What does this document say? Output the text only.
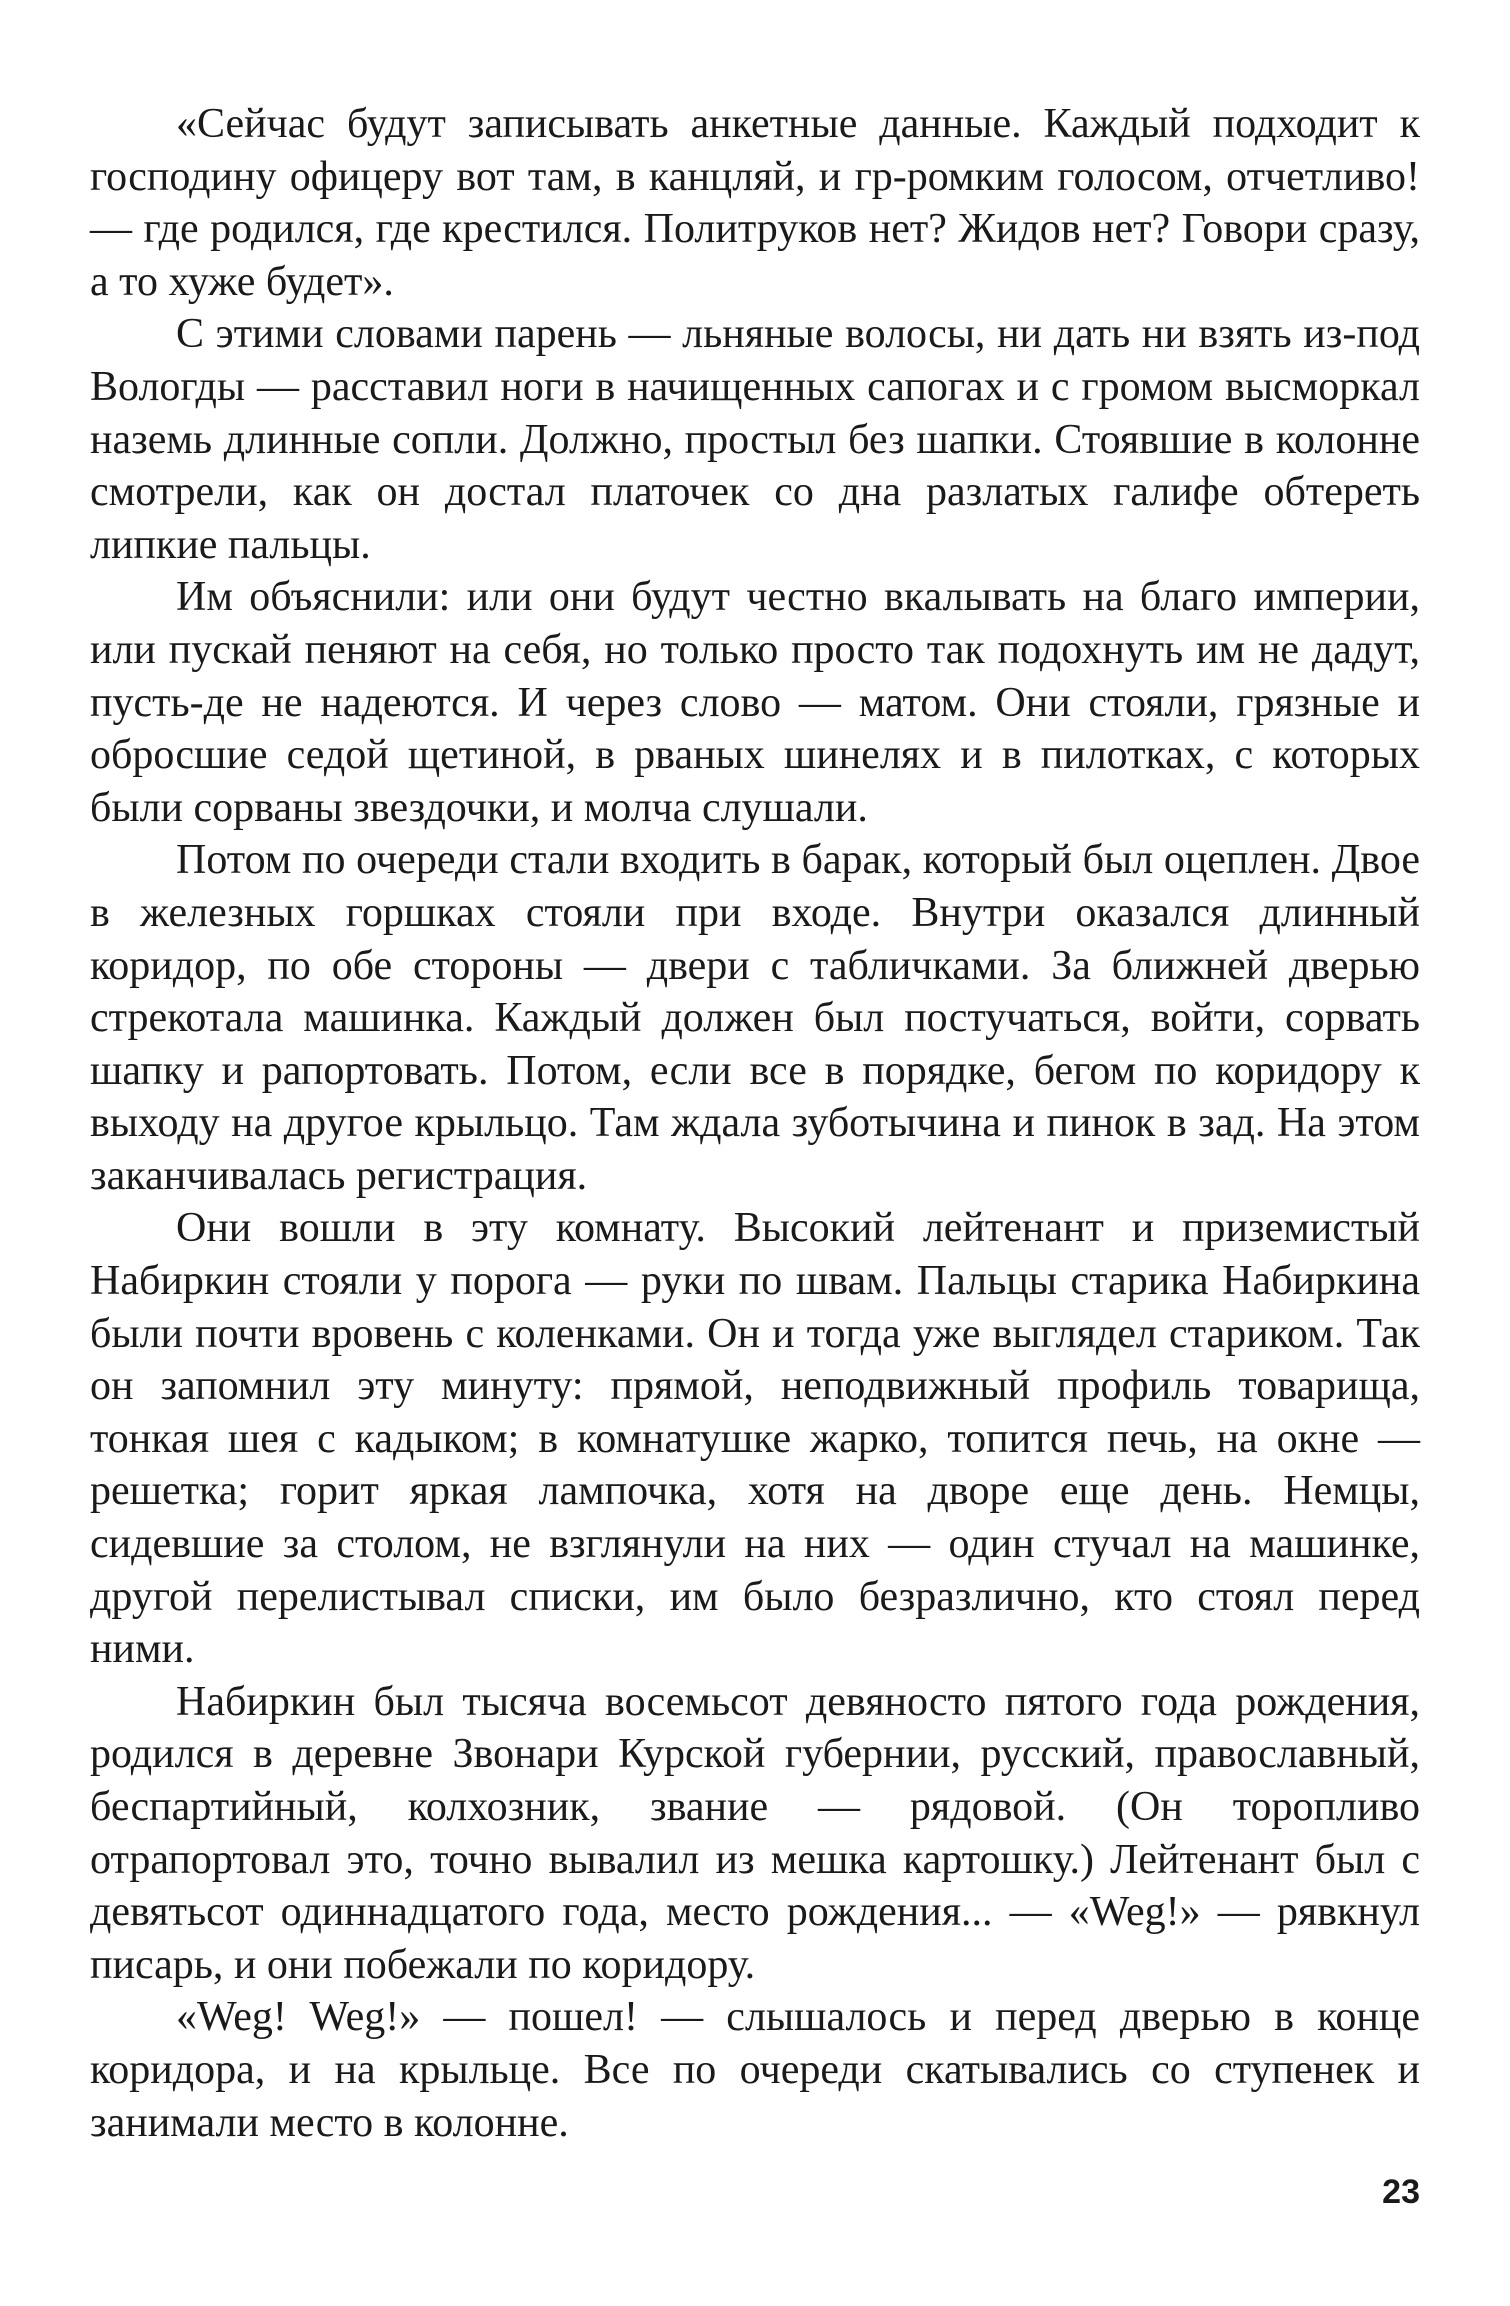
«Сейчас будут записывать анкетные данные. Каждый подходит к господину офицеру вот там, в канцляй, и гр-ромким голосом, отчетливо! — где родился, где крестился. Политруков нет? Жидов нет? Говори сразу, а то хуже будет».

С этими словами парень — льняные волосы, ни дать ни взять из-под Вологды — расставил ноги в начищенных сапогах и с громом высморкал наземь длинные сопли. Должно, простыл без шапки. Стоявшие в колонне смотрели, как он достал платочек со дна разлатых галифе обтереть липкие пальцы.

Им объяснили: или они будут честно вкалывать на благо империи, или пускай пеняют на себя, но только просто так подохнуть им не дадут, пусть-де не надеются. И через слово — матом. Они стояли, грязные и обросшие седой щетиной, в рваных шинелях и в пилотках, с которых были сорваны звездочки, и молча слушали.

Потом по очереди стали входить в барак, который был оцеплен. Двое в железных горшках стояли при входе. Внутри оказался длинный коридор, по обе стороны — двери с табличками. За ближней дверью стрекотала машинка. Каждый должен был постучаться, войти, сорвать шапку и рапортовать. Потом, если все в порядке, бегом по коридору к выходу на другое крыльцо. Там ждала зуботычина и пинок в зад. На этом заканчивалась регистрация.

Они вошли в эту комнату. Высокий лейтенант и приземистый Набиркин стояли у порога — руки по швам. Пальцы старика Набиркина были почти вровень с коленками. Он и тогда уже выглядел стариком. Так он запомнил эту минуту: прямой, неподвижный профиль товарища, тонкая шея с кадыком; в комнатушке жарко, топится печь, на окне — решетка; горит яркая лампочка, хотя на дворе еще день. Немцы, сидевшие за столом, не взглянули на них — один стучал на машинке, другой перелистывал списки, им было безразлично, кто стоял перед ними.

Набиркин был тысяча восемьсот девяносто пятого года рождения, родился в деревне Звонари Курской губернии, русский, православный, беспартийный, колхозник, звание — рядовой. (Он торопливо отрапортовал это, точно вывалил из мешка картошку.) Лейтенант был с девятьсот одиннадцатого года, место рождения... — «Weg!» — рявкнул писарь, и они побежали по коридору.

«Weg! Weg!» — пошел! — слышалось и перед дверью в конце коридора, и на крыльце. Все по очереди скатывались со ступенек и занимали место в колонне.

23
